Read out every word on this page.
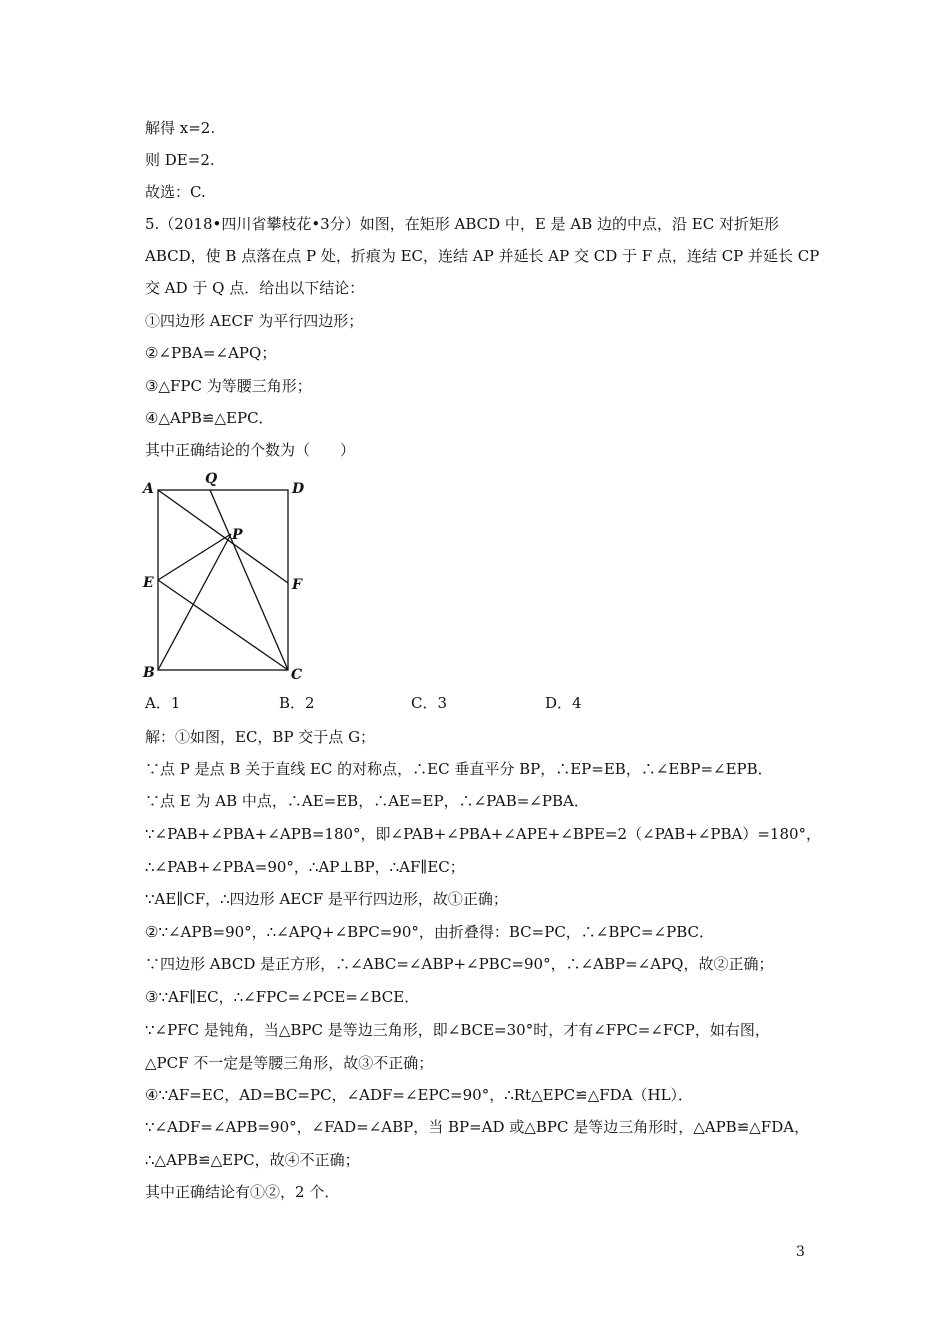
解得 x=2.
则 DE=2.
故选：C.
5.（2018•四川省攀枝花•3分）如图，在矩形 ABCD 中，E 是 AB 边的中点，沿 EC 对折矩形
ABCD，使 B 点落在点 P 处，折痕为 EC，连结 AP 并延长 AP 交 CD 于 F 点，连结 CP 并延长 CP
交 AD 于 Q 点．给出以下结论：
①四边形 AECF 为平行四边形；
②∠PBA=∠APQ；
③△FPC 为等腰三角形；
④△APB≌△EPC．
其中正确结论的个数为（　　）
A
Q
D
P
E	F
B	C
A．1	B．2	C．3	D．4
解：①如图，EC，BP 交于点 G；
∵点 P 是点 B 关于直线 EC 的对称点，∴EC 垂直平分 BP，∴EP=EB，∴∠EBP=∠EPB．
∵点 E 为 AB 中点，∴AE=EB，∴AE=EP，∴∠PAB=∠PBA．
∵∠PAB+∠PBA+∠APB=180°，即∠PAB+∠PBA+∠APE+∠BPE=2（∠PAB+∠PBA）=180°，
∴∠PAB+∠PBA=90°，∴AP⊥BP，∴AF∥EC；
∵AE∥CF，∴四边形 AECF 是平行四边形，故①正确；
②∵∠APB=90°，∴∠APQ+∠BPC=90°，由折叠得：BC=PC，∴∠BPC=∠PBC．
∵四边形 ABCD 是正方形，∴∠ABC=∠ABP+∠PBC=90°，∴∠ABP=∠APQ，故②正确；
③∵AF∥EC，∴∠FPC=∠PCE=∠BCE．
∵∠PFC 是钝角，当△BPC 是等边三角形，即∠BCE=30°时，才有∠FPC=∠FCP，如右图，
△PCF 不一定是等腰三角形，故③不正确；
④∵AF=EC，AD=BC=PC，∠ADF=∠EPC=90°，∴Rt△EPC≌△FDA（HL）．
∵∠ADF=∠APB=90°，∠FAD=∠ABP，当 BP=AD 或△BPC 是等边三角形时，△APB≌△FDA，
∴△APB≌△EPC，故④不正确；
其中正确结论有①②，2 个．
3
